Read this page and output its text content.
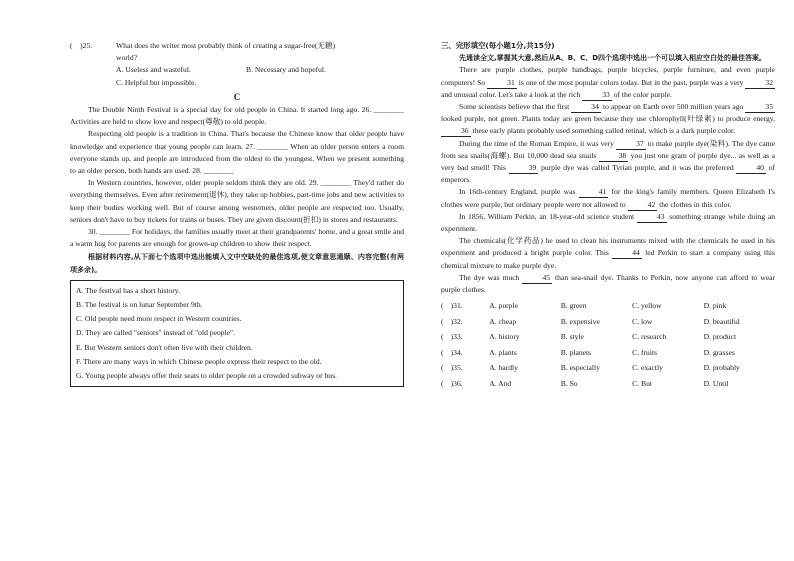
( )25.	What does the writer most probably think of creating a sugar-free(无糖)
world?
A. Useless and wasteful.	B. Necessary and hopeful.
C. Helpful but impossible.
C

The Double Ninth Festival is a special day for old people in China. It started long ago. 26. ________ Activities are held to show love and respect(尊敬) to old people.

Respecting old people is a tradition in China. That's because the Chinese know that older people have knowledge and experience that young people can learn. 27. ________ When an older person enters a room everyone stands up, and people are introduced from the oldest to the youngest. When we present something to an older person, both hands are used. 28. ________

In Western countries, however, older people seldom think they are old. 29. ________ They'd rather do everything themselves. Even after retirement(退休), they take up hobbies, part-time jobs and new activities to keep their bodies working well. But of course among westerners, older people are respected too. Usually, seniors don't have to buy tickets for trains or buses. They are given discount(折扣) in stores and restaurants.

30. ________ For holidays, the families usually meet at their grandparents' home, and a great smile and a warm hug for parents are enough for grown-up children to show their respect.

根据材料内容,从下面七个选项中选出能填入文中空缺处的最佳选项,使文章意思通顺、内容完整(有两项多余)。

A. The festival has a short history.
B. The festival is on lunar September 9th.
C. Old people need more respect in Western countries.
D. They are called "seniors" instead of "old people".
E. But Western seniors don't often live with their children.
F. There are many ways in which Chinese people express their respect to the old.
G. Young people always offer their seats to older people on a crowded subway or bus.
三、完形填空(每小题1分,共15分)

先通读全文,掌握其大意,然后从A、B、C、D四个选项中选出一个可以填入相应空白处的最佳答案。

There are purple clothes, purple handbags, purple bicycles, purple furniture, and even purple computers! So	31 is one of the most popular colors today. But in the past, purple was a very	32 and unusual color. Let's take a look at the rich	33 of the color purple.

Some scientists believe that the first	34 to appear on Earth over 500 million years ago	35 looked purple, not green. Plants today are green because they use chlorophyll(叶绿素) to produce energy. 36 these early plants probably used something called retinal, which is a dark purple color.

During the time of the Roman Empire, it was very	37 to make purple dye(染料). The dye came from sea snails(海螺). But 10,000 dead sea snails	38 you just one gram of purple dye... as well as a very bad smell! This	39 purple dye was called Tyrian purple, and it was the preferred	40 of emperors.

In 16th-century England, purple was	41 for the king's family members. Queen Elizabeth I's clothes were purple, but ordinary people were not allowed to	42 the clothes in this color.

In 1856, William Perkin, an 18-year-old science student	43 something strange while doing an experiment.

The chemicals(化学药品) he used to clean his instruments mixed with the chemicals he used in his experiment and produced a bright purple color. This	44 led Perkin to start a company using this chemical mixture to make purple dye.

The dye was much	45 than sea-snail dye. Thanks to Perkin, now anyone can afford to wear purple clothes.

( )31.	A. purple	B. green	C. yellow	D. pink
( )32.	A. cheap	B. expensive	C. low	D. beautiful
( )33.	A. history	B. style	C. research	D. product
( )34.	A. plants	B. planets	C. fruits	D. grasses
( )35.	A. hardly	B. especially	C. exactly	D. probably
( )36.	A. And	B. So	C. But	D. Until
